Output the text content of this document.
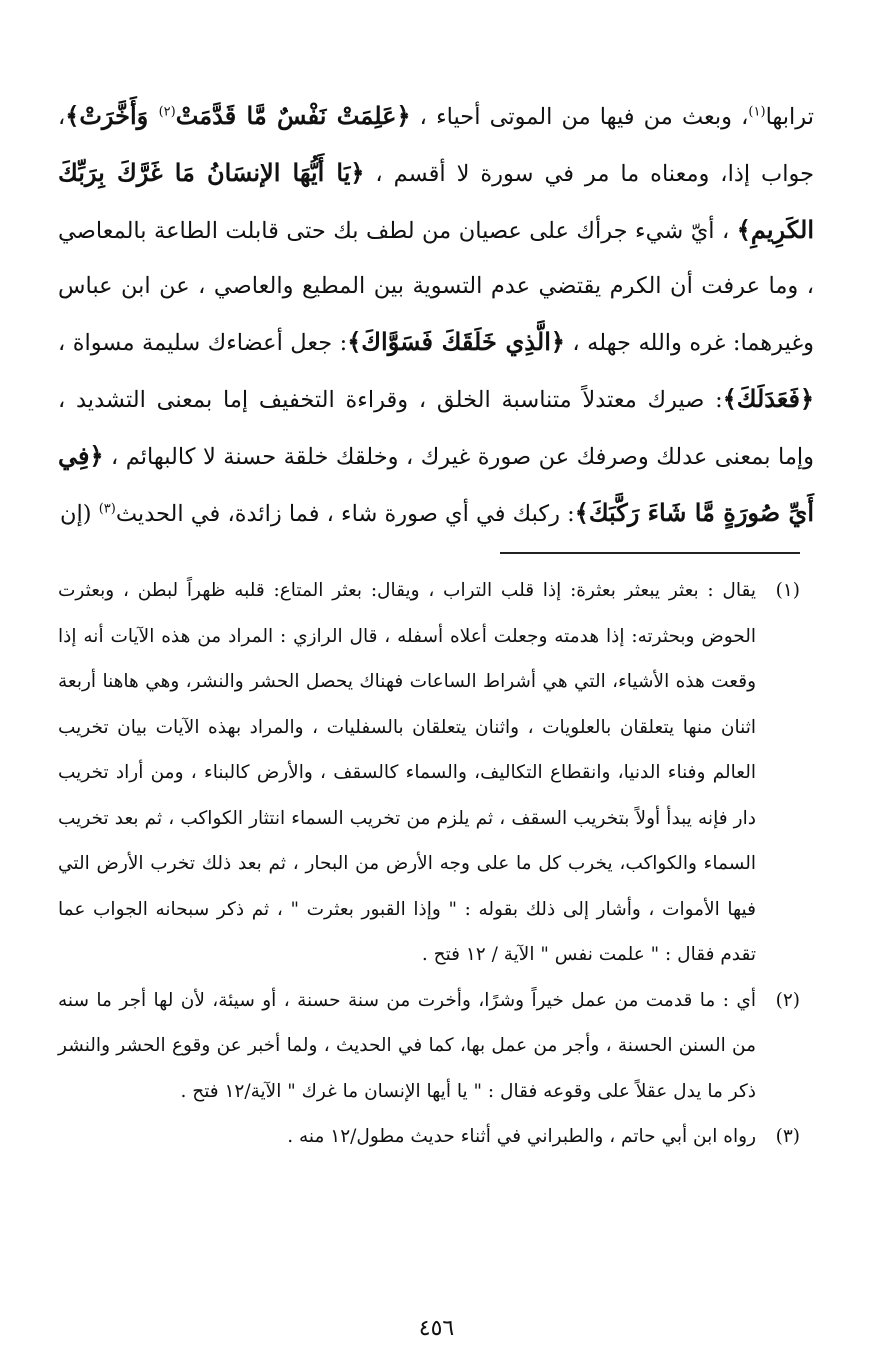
ترابها$^{(١)}$، وبعث من فيها من الموتى أحياء ، ﴿عَلِمَتْ نَفْسٌ مَّا قَدَّمَتْ$^{(٢)}$ وَأَخَّرَتْ﴾، جواب إذا، ومعناه ما مر في سورة لا أقسم ، ﴿يَا أَيُّهَا الإنسَانُ مَا غَرَّكَ بِرَبِّكَ الكَرِيمِ﴾ ، أيّ شيء جرأك على عصيان من لطف بك حتى قابلت الطاعة بالمعاصي ، وما عرفت أن الكرم يقتضي عدم التسوية بين المطيع والعاصي ، عن ابن عباس وغيرهما: غره والله جهله ، ﴿الَّذِي خَلَقَكَ فَسَوَّاكَ﴾: جعل أعضاءك سليمة مسواة ، ﴿فَعَدَلَكَ﴾: صيرك معتدلاً متناسبة الخلق ، وقراءة التخفيف إما بمعنى التشديد ، وإما بمعنى عدلك وصرفك عن صورة غيرك ، وخلقك خلقة حسنة لا كالبهائم ، ﴿فِي أَيِّ صُورَةٍ مَّا شَاءَ رَكَّبَكَ﴾: ركبك في أي صورة شاء ، فما زائدة، في الحديث$^{(٣)}$ (إن

(١)
يقال : بعثر يبعثر بعثرة: إذا قلب التراب ، ويقال: بعثر المتاع: قلبه ظهراً لبطن ، وبعثرت الحوض وبحثرته: إذا هدمته وجعلت أعلاه أسفله ، قال الرازي : المراد من هذه الآيات أنه إذا وقعت هذه الأشياء، التي هي أشراط الساعات فهناك يحصل الحشر والنشر، وهي هاهنا أربعة اثنان منها يتعلقان بالعلويات ، واثنان يتعلقان بالسفليات ، والمراد بهذه الآيات بيان تخريب العالم وفناء الدنيا، وانقطاع التكاليف، والسماء كالسقف ، والأرض كالبناء ، ومن أراد تخريب دار فإنه يبدأ أولاً بتخريب السقف ، ثم يلزم من تخريب السماء انتثار الكواكب ، ثم بعد تخريب السماء والكواكب، يخرب كل ما على وجه الأرض من البحار ، ثم بعد ذلك تخرب الأرض التي فيها الأموات ، وأشار إلى ذلك بقوله : " وإذا القبور بعثرت " ، ثم ذكر سبحانه الجواب عما تقدم فقال : " علمت نفس " الآية / ١٢ فتح .
(٢)
أي : ما قدمت من عمل خيراً وشرًا، وأخرت من سنة حسنة ، أو سيئة، لأن لها أجر ما سنه من السنن الحسنة ، وأجر من عمل بها، كما في الحديث ، ولما أخبر عن وقوع الحشر والنشر ذكر ما يدل عقلاً على وقوعه فقال : " يا أيها الإنسان ما غرك " الآية/١٢ فتح .
(٣)
رواه ابن أبي حاتم ، والطبراني في أثناء حديث مطول/١٢ منه .
٤٥٦
